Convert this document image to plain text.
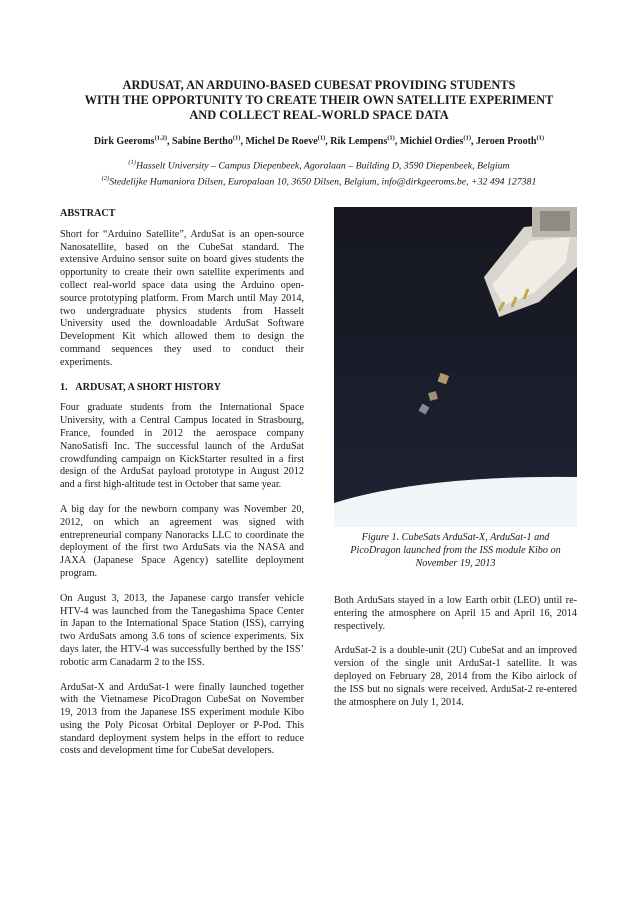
ARDUSAT, AN ARDUINO-BASED CUBESAT PROVIDING STUDENTS
WITH THE OPPORTUNITY TO CREATE THEIR OWN SATELLITE EXPERIMENT
AND COLLECT REAL-WORLD SPACE DATA
Dirk Geeroms$^{(1,2)}$, Sabine Bertho$^{(1)}$, Michel De Roeve$^{(1)}$, Rik Lempens$^{(1)}$, Michiel Ordies$^{(1)}$, Jeroen Prooth$^{(1)}$
$^{(1)}$Hasselt University – Campus Diepenbeek, Agoralaan – Building D, 3590 Diepenbeek, Belgium
$^{(2)}$Stedelijke Humaniora Dilsen, Europalaan 10, 3650 Dilsen, Belgium, info@dirkgeeroms.be, +32 494 127381
ABSTRACT

Short for “Arduino Satellite”, ArduSat is an open-source Nanosatellite, based on the CubeSat standard. The extensive Arduino sensor suite on board gives students the opportunity to create their own satellite experiments and collect real-world space data using the Arduino open-source prototyping platform. From March until May 2014, two undergraduate physics students from Hasselt University used the downloadable ArduSat Software Development Kit which allowed them to design the command sequences they used to conduct their experiments.

1.   ARDUSAT, A SHORT HISTORY

Four graduate students from the International Space University, with a Central Campus located in Strasbourg, France, founded in 2012 the aerospace company NanoSatisfi Inc. The successful launch of the ArduSat crowdfunding campaign on KickStarter resulted in a first design of the ArduSat payload prototype in August 2012 and a first high-altitude test in October that same year.

A big day for the newborn company was November 20, 2012, on which an agreement was signed with entrepreneurial company Nanoracks LLC to coordinate the deployment of the first two ArduSats via the NASA and JAXA (Japanese Space Agency) satellite deployment program.

On August 3, 2013, the Japanese cargo transfer vehicle HTV-4 was launched from the Tanegashima Space Center in Japan to the International Space Station (ISS), carrying two ArduSats among 3.6 tons of science experiments. Six days later, the HTV-4 was successfully berthed by the ISS’ robotic arm Canadarm 2 to the ISS.

ArduSat-X and ArduSat-1 were finally launched together with the Vietnamese PicoDragon CubeSat on November 19, 2013 from the Japanese ISS experiment module Kibo using the Poly Picosat Orbital Deployer or P-Pod. This standard deployment system helps in the effort to reduce costs and development time for CubeSat developers.

Figure 1. CubeSats ArduSat-X, ArduSat-1 and
PicoDragon launched from the ISS module Kibo on
November 19, 2013

Both ArduSats stayed in a low Earth orbit (LEO) until re-entering the atmosphere on April 15 and April 16, 2014 respectively.

ArduSat-2 is a double-unit (2U) CubeSat and an improved version of the single unit ArduSat-1 satellite. It was deployed on February 28, 2014 from the Kibo airlock of the ISS but no signals were received. ArduSat-2 re-entered the atmosphere on July 1, 2014.
